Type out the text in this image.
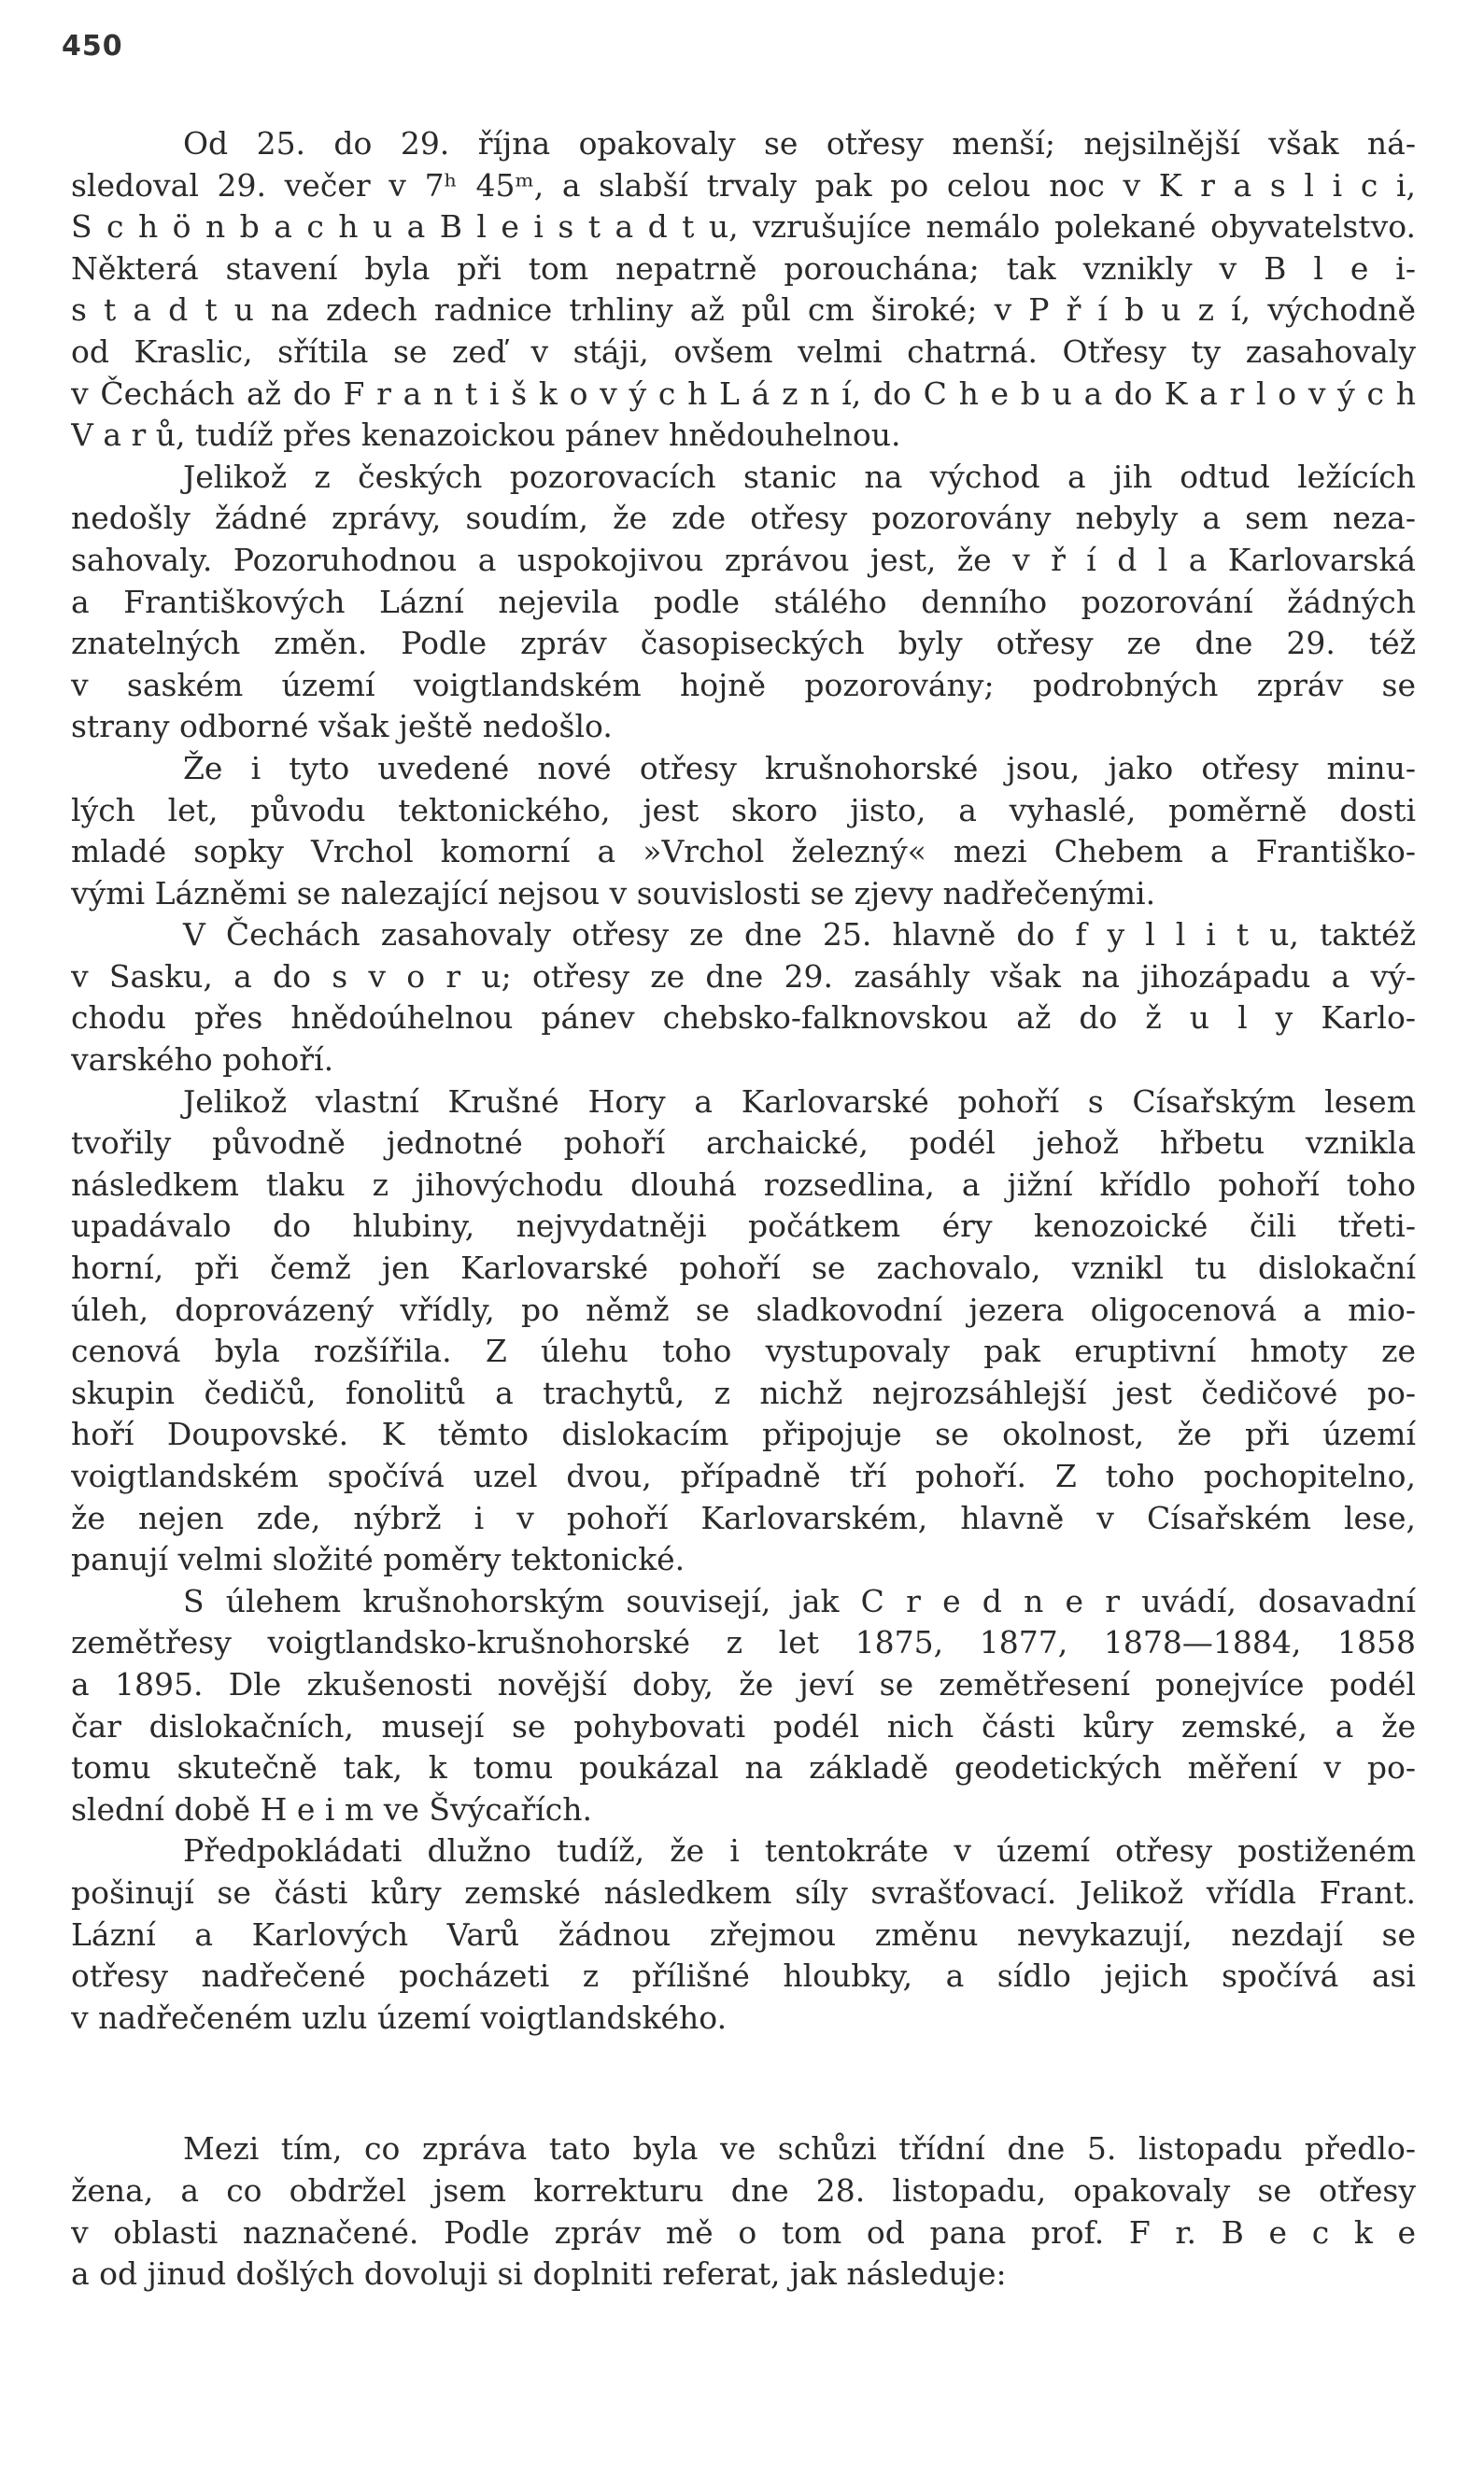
450
Od 25. do 29. října opakovaly se otřesy menší; nejsilnější však ná-
sledoval 29. večer v 7ʰ 45ᵐ, a slabší trvaly pak po celou noc v K r a s l i c i,
S c h ö n b a c h u a B l e i s t a d t u, vzrušujíce nemálo polekané obyvatelstvo.
Některá stavení byla při tom nepatrně porouchána; tak vznikly v B l e i-
s t a d t u na zdech radnice trhliny až půl cm široké; v P ř í b u z í, východně
od Kraslic, sřítila se zeď v stáji, ovšem velmi chatrná. Otřesy ty zasahovaly
v Čechách až do F r a n t i š k o v ý c h L á z n í, do C h e b u a do K a r l o v ý c h
V a r ů, tudíž přes kenazoickou pánev hnědouhelnou.
Jelikož z českých pozorovacích stanic na východ a jih odtud ležících
nedošly žádné zprávy, soudím, že zde otřesy pozorovány nebyly a sem neza-
sahovaly. Pozoruhodnou a uspokojivou zprávou jest, že v ř í d l a Karlovarská
a Františkových Lázní nejevila podle stálého denního pozorování žádných
znatelných změn. Podle zpráv časopiseckých byly otřesy ze dne 29. též
v saském území voigtlandském hojně pozorovány; podrobných zpráv se
strany odborné však ještě nedošlo.
Že i tyto uvedené nové otřesy krušnohorské jsou, jako otřesy minu-
lých let, původu tektonického, jest skoro jisto, a vyhaslé, poměrně dosti
mladé sopky Vrchol komorní a »Vrchol železný« mezi Chebem a Františko-
vými Lázněmi se nalezající nejsou v souvislosti se zjevy nadřečenými.
V Čechách zasahovaly otřesy ze dne 25. hlavně do f y l l i t u, taktéž
v Sasku, a do s v o r u; otřesy ze dne 29. zasáhly však na jihozápadu a vý-
chodu přes hnědoúhelnou pánev chebsko-falknovskou až do ž u l y Karlo-
varského pohoří.
Jelikož vlastní Krušné Hory a Karlovarské pohoří s Císařským lesem
tvořily původně jednotné pohoří archaické, podél jehož hřbetu vznikla
následkem tlaku z jihovýchodu dlouhá rozsedlina, a jižní křídlo pohoří toho
upadávalo do hlubiny, nejvydatněji počátkem éry kenozoické čili třeti-
horní, při čemž jen Karlovarské pohoří se zachovalo, vznikl tu dislokační
úleh, doprovázený vřídly, po němž se sladkovodní jezera oligocenová a mio-
cenová byla rozšířila. Z úlehu toho vystupovaly pak eruptivní hmoty ze
skupin čedičů, fonolitů a trachytů, z nichž nejrozsáhlejší jest čedičové po-
hoří Doupovské. K těmto dislokacím připojuje se okolnost, že při území
voigtlandském spočívá uzel dvou, případně tří pohoří. Z toho pochopitelno,
že nejen zde, nýbrž i v pohoří Karlovarském, hlavně v Císařském lese,
panují velmi složité poměry tektonické.
S úlehem krušnohorským souvisejí, jak C r e d n e r uvádí, dosavadní
zemětřesy voigtlandsko-krušnohorské z let 1875, 1877, 1878—1884, 1858
a 1895. Dle zkušenosti novější doby, že jeví se zemětřesení ponejvíce podél
čar dislokačních, musejí se pohybovati podél nich části kůry zemské, a že
tomu skutečně tak, k tomu poukázal na základě geodetických měření v po-
slední době H e i m ve Švýcařích.
Předpokládati dlužno tudíž, že i tentokráte v území otřesy postiženém
pošinují se části kůry zemské následkem síly svrašťovací. Jelikož vřídla Frant.
Lázní a Karlových Varů žádnou zřejmou změnu nevykazují, nezdají se
otřesy nadřečené pocházeti z přílišné hloubky, a sídlo jejich spočívá asi
v nadřečeném uzlu území voigtlandského.
Mezi tím, co zpráva tato byla ve schůzi třídní dne 5. listopadu předlo-
žena, a co obdržel jsem korrekturu dne 28. listopadu, opakovaly se otřesy
v oblasti naznačené. Podle zpráv mě o tom od pana prof. F r. B e c k e
a od jinud došlých dovoluji si doplniti referat, jak následuje:
